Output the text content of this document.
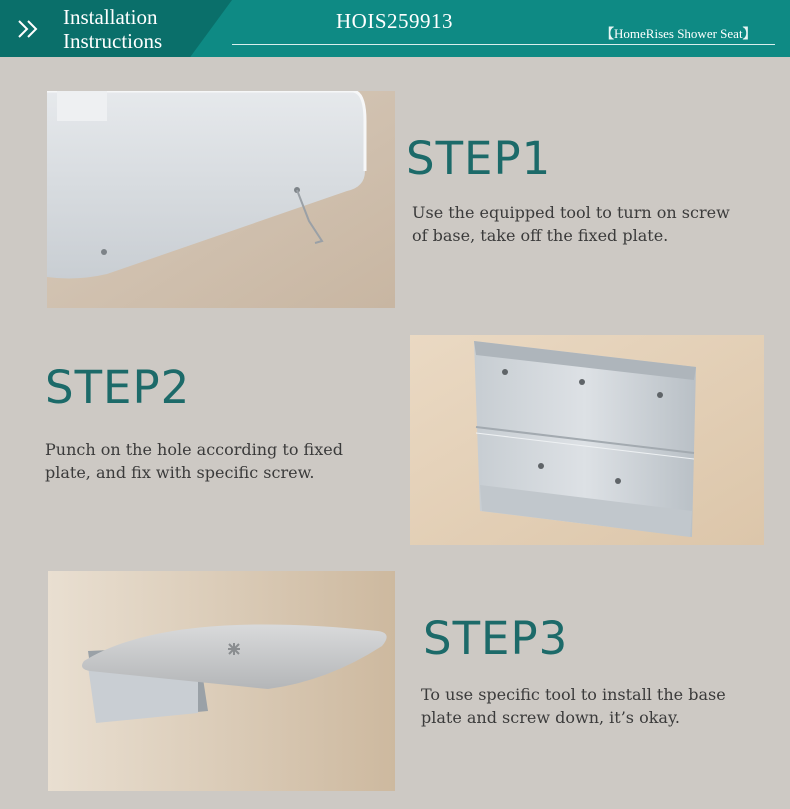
Installation
Instructions
HOIS259913
【HomeRises Shower Seat】
STEP1
Use the equipped tool to turn on screw
of base, take off the fixed plate.
STEP2
Punch on the hole according to fixed
plate, and fix with specific screw.
STEP3
To use specific tool to install the base
plate and screw down, it’s okay.
